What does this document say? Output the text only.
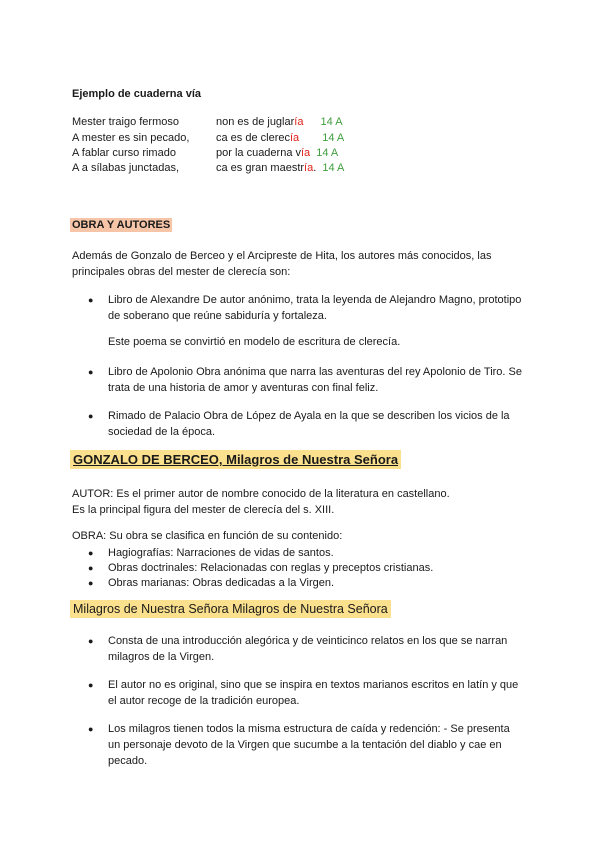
Ejemplo de cuaderna vía
Mester traigo fermoso	non es de juglaría 14 A
A mester es sin pecado, ca es de clerecía 14 A
A fablar curso rimado	por la cuaderna vía 14 A
A a sílabas junctadas,	ca es gran maestría. 14 A
OBRA Y AUTORES
Además de Gonzalo de Berceo y el Arcipreste de Hita, los autores más conocidos, las
principales obras del mester de clerecía son:
● Libro de Alexandre De autor anónimo, trata la leyenda de Alejandro Magno, prototipo
de soberano que reúne sabiduría y fortaleza.
Este poema se convirtió en modelo de escritura de clerecía.
● Libro de Apolonio Obra anónima que narra las aventuras del rey Apolonio de Tiro. Se
trata de una historia de amor y aventuras con final feliz.
● Rimado de Palacio Obra de López de Ayala en la que se describen los vicios de la
sociedad de la época.
GONZALO DE BERCEO, Milagros de Nuestra Señora
AUTOR: Es el primer autor de nombre conocido de la literatura en castellano.
Es la principal figura del mester de clerecía del s. XIII.
OBRA: Su obra se clasifica en función de su contenido:
● Hagiografías: Narraciones de vidas de santos.
● Obras doctrinales: Relacionadas con reglas y preceptos cristianas.
● Obras marianas: Obras dedicadas a la Virgen.
Milagros de Nuestra Señora Milagros de Nuestra Señora
● Consta de una introducción alegórica y de veinticinco relatos en los que se narran
milagros de la Virgen.
● El autor no es original, sino que se inspira en textos marianos escritos en latín y que
el autor recoge de la tradición europea.
● Los milagros tienen todos la misma estructura de caída y redención: - Se presenta
un personaje devoto de la Virgen que sucumbe a la tentación del diablo y cae en
pecado.
